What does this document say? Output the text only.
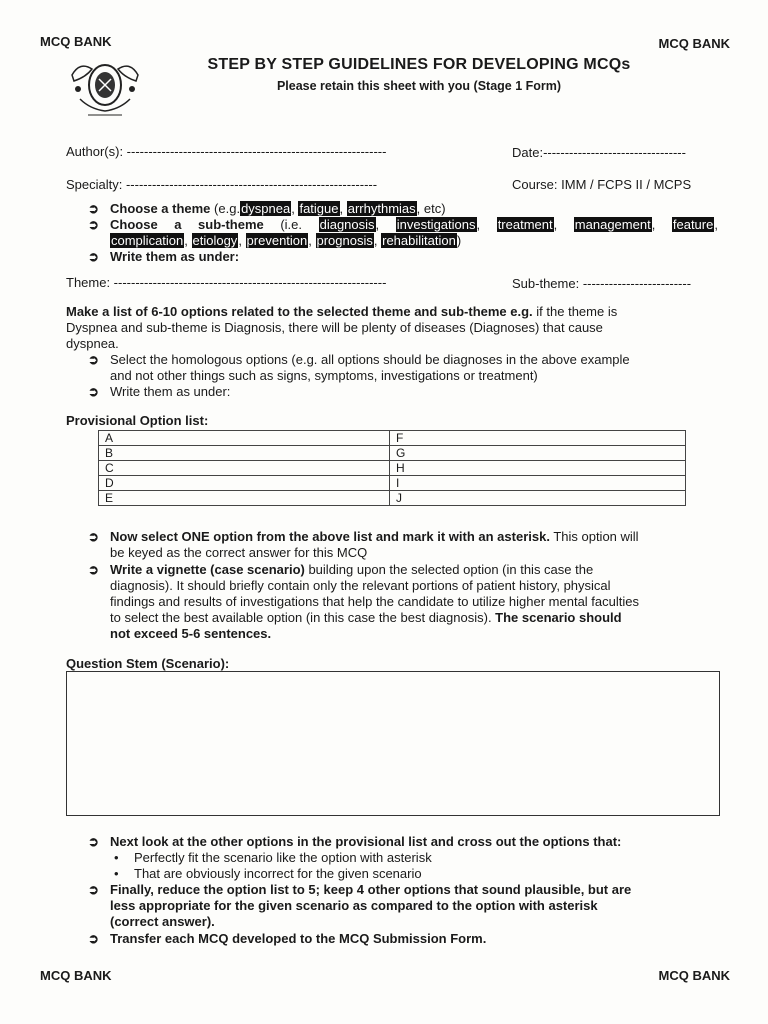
MCQ BANK	MCQ BANK
STEP BY STEP GUIDELINES FOR DEVELOPING MCQs
Please retain this sheet with you (Stage 1 Form)
Author(s): ------------------------------------------------------------	Date:---------------------------------
Specialty: ----------------------------------------------------------	Course: IMM / FCPS II / MCPS
➲ Choose a theme (e.g.dyspnea, fatigue, arrhythmias, etc)
➲ Choose a sub-theme (i.e. diagnosis, investigations, treatment, management, feature,
complication, etiology, prevention, prognosis, rehabilitation)
➲ Write them as under:
Theme: ---------------------------------------------------------------	Sub-theme: -------------------------
Make a list of 6-10 options related to the selected theme and sub-theme e.g. if the theme is
Dyspnea and sub-theme is Diagnosis, there will be plenty of diseases (Diagnoses) that cause
dyspnea.
➲ Select the homologous options (e.g. all options should be diagnoses in the above example
and not other things such as signs, symptoms, investigations or treatment)
➲ Write them as under:
Provisional Option list:
A	F
B	G
C	H
D	I
E	J
➲ Now select ONE option from the above list and mark it with an asterisk. This option will
be keyed as the correct answer for this MCQ
➲ Write a vignette (case scenario) building upon the selected option (in this case the
diagnosis). It should briefly contain only the relevant portions of patient history, physical
findings and results of investigations that help the candidate to utilize higher mental faculties
to select the best available option (in this case the best diagnosis). The scenario should
not exceed 5-6 sentences.
Question Stem (Scenario):
➲ Next look at the other options in the provisional list and cross out the options that:
• Perfectly fit the scenario like the option with asterisk
• That are obviously incorrect for the given scenario
➲ Finally, reduce the option list to 5; keep 4 other options that sound plausible, but are
less appropriate for the given scenario as compared to the option with asterisk
(correct answer).
➲ Transfer each MCQ developed to the MCQ Submission Form.
MCQ BANK	MCQ BANK
